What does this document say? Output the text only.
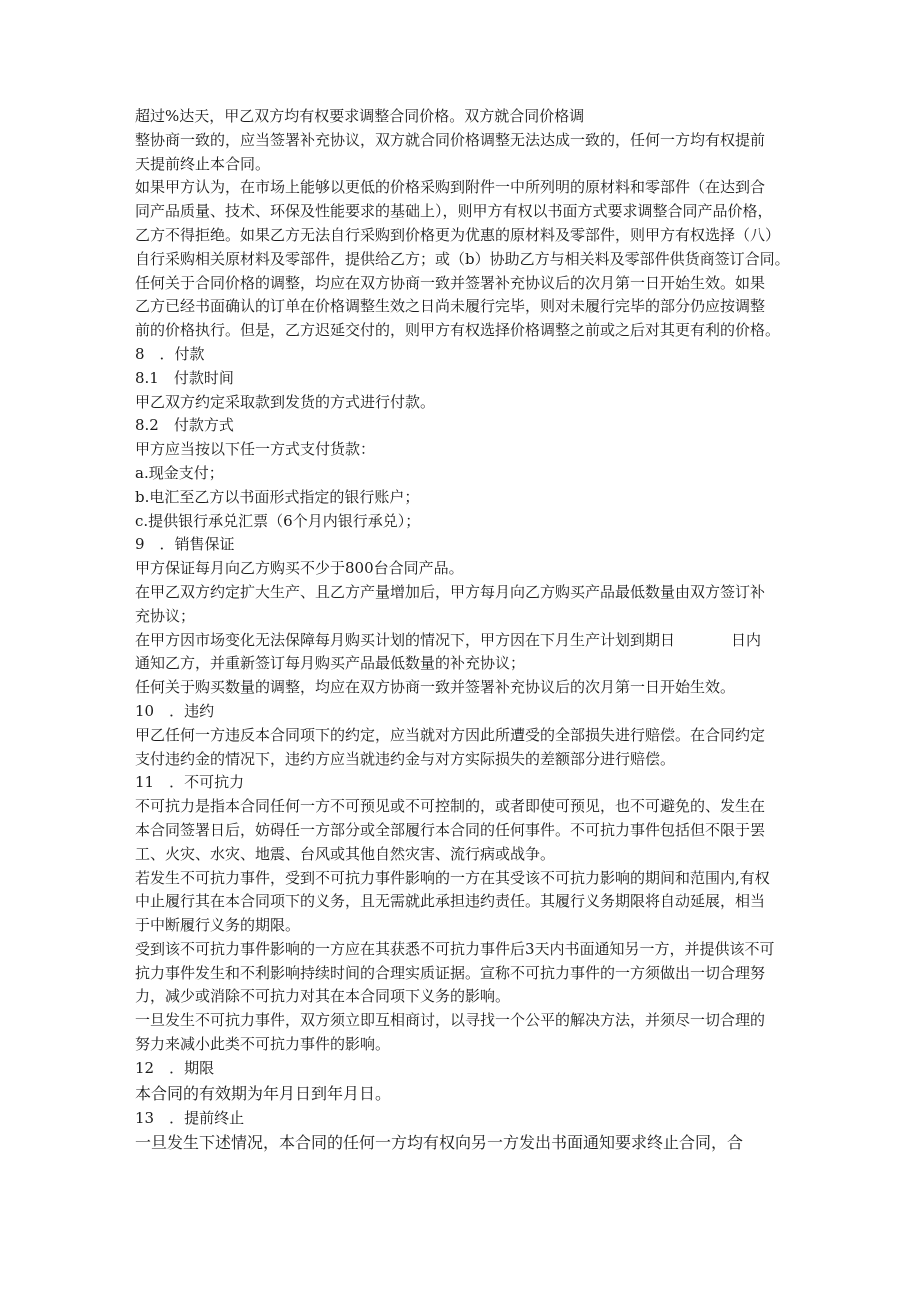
超过%达天，甲乙双方均有权要求调整合同价格。双方就合同价格调
整协商一致的，应当签署补充协议，双方就合同价格调整无法达成一致的，任何一方均有权提前
天提前终止本合同。
如果甲方认为，在市场上能够以更低的价格采购到附件一中所列明的原材料和零部件（在达到合
同产品质量、技术、环保及性能要求的基础上），则甲方有权以书面方式要求调整合同产品价格，
乙方不得拒绝。如果乙方无法自行采购到价格更为优惠的原材料及零部件，则甲方有权选择（八）
自行采购相关原材料及零部件，提供给乙方；或（b）协助乙方与相关料及零部件供货商签订合同。
任何关于合同价格的调整，均应在双方协商一致并签署补充协议后的次月第一日开始生效。如果
乙方已经书面确认的订单在价格调整生效之日尚未履行完毕，则对未履行完毕的部分仍应按调整
前的价格执行。但是，乙方迟延交付的，则甲方有权选择价格调整之前或之后对其更有利的价格。
8　．付款
8.1　付款时间
甲乙双方约定采取款到发货的方式进行付款。
8.2　付款方式
甲方应当按以下任一方式支付货款：
a.现金支付；
b.电汇至乙方以书面形式指定的银行账户；
c.提供银行承兑汇票（6个月内银行承兑）；
9　．销售保证
甲方保证每月向乙方购买不少于800台合同产品。
在甲乙双方约定扩大生产、且乙方产量增加后，甲方每月向乙方购买产品最低数量由双方签订补
充协议；
在甲方因市场变化无法保障每月购买计划的情况下，甲方因在下月生产计划到期日	日内
通知乙方，并重新签订每月购买产品最低数量的补充协议；
任何关于购买数量的调整，均应在双方协商一致并签署补充协议后的次月第一日开始生效。
10　．违约
甲乙任何一方违反本合同项下的约定，应当就对方因此所遭受的全部损失进行赔偿。在合同约定
支付违约金的情况下，违约方应当就违约金与对方实际损失的差额部分进行赔偿。
11　．不可抗力
不可抗力是指本合同任何一方不可预见或不可控制的，或者即使可预见，也不可避免的、发生在
本合同签署日后，妨碍任一方部分或全部履行本合同的任何事件。不可抗力事件包括但不限于罢
工、火灾、水灾、地震、台风或其他自然灾害、流行病或战争。
若发生不可抗力事件，受到不可抗力事件影响的一方在其受该不可抗力影响的期间和范围内,有权
中止履行其在本合同项下的义务，且无需就此承担违约责任。其履行义务期限将自动延展，相当
于中断履行义务的期限。
受到该不可抗力事件影响的一方应在其获悉不可抗力事件后3天内书面通知另一方，并提供该不可
抗力事件发生和不利影响持续时间的合理实质证据。宣称不可抗力事件的一方须做出一切合理努
力，减少或消除不可抗力对其在本合同项下义务的影响。
一旦发生不可抗力事件，双方须立即互相商讨，以寻找一个公平的解决方法，并须尽一切合理的
努力来减小此类不可抗力事件的影响。
12　．期限
本合同的有效期为年月日到年月日。
13　．提前终止
一旦发生下述情况，本合同的任何一方均有权向另一方发出书面通知要求终止合同，合
